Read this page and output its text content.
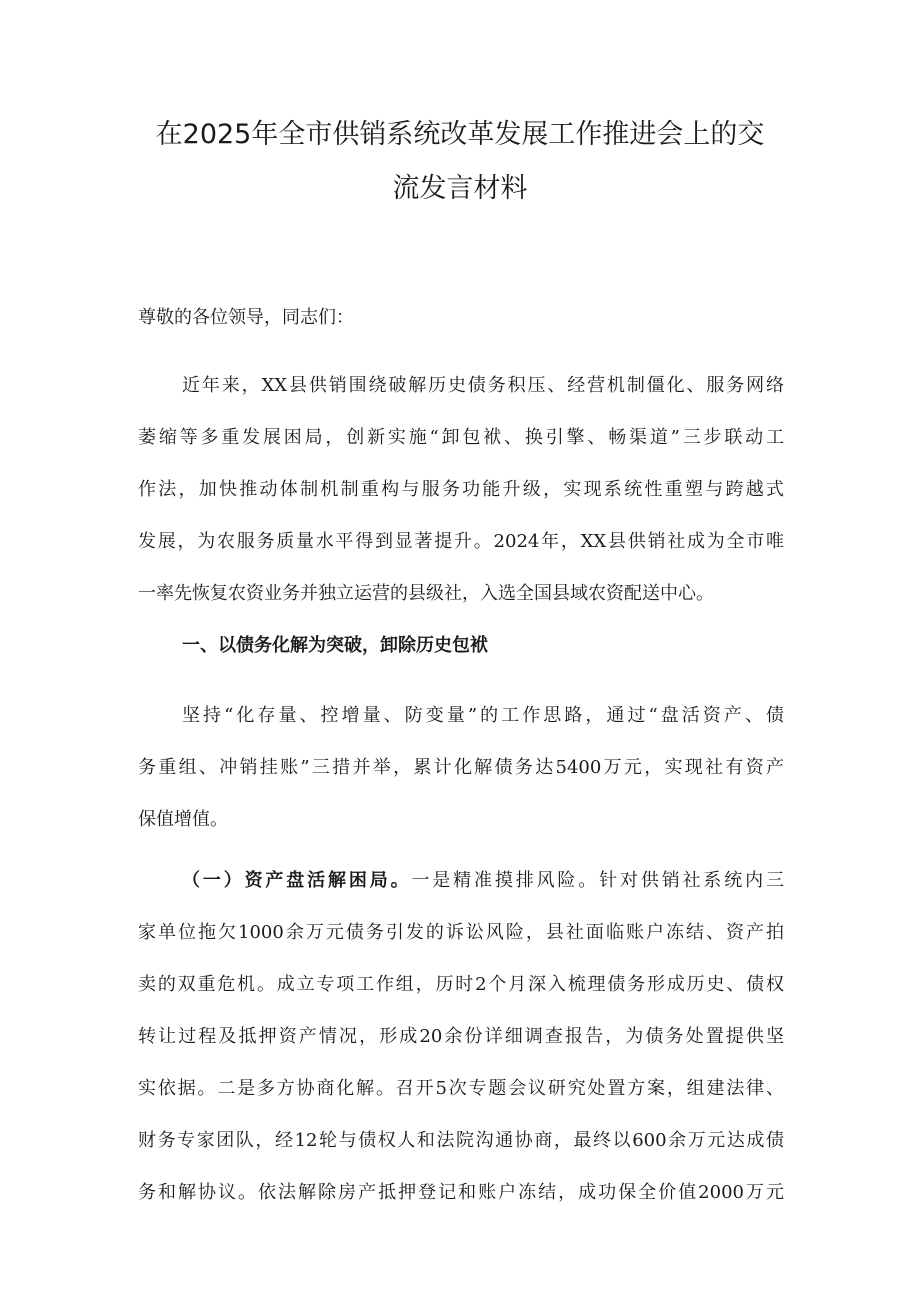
在2025年全市供销系统改革发展工作推进会上的交
流发言材料
尊敬的各位领导，同志们：
近年来，XX县供销围绕破解历史债务积压、经营机制僵化、服务网络
萎缩等多重发展困局，创新实施“卸包袱、换引擎、畅渠道”三步联动工
作法，加快推动体制机制重构与服务功能升级，实现系统性重塑与跨越式
发展，为农服务质量水平得到显著提升。2024年，XX县供销社成为全市唯
一率先恢复农资业务并独立运营的县级社，入选全国县域农资配送中心。
一、以债务化解为突破，卸除历史包袱
坚持“化存量、控增量、防变量”的工作思路，通过“盘活资产、债
务重组、冲销挂账”三措并举，累计化解债务达5400万元，实现社有资产
保值增值。
（一）资产盘活解困局。一是精准摸排风险。针对供销社系统内三
家单位拖欠1000余万元债务引发的诉讼风险，县社面临账户冻结、资产拍
卖的双重危机。成立专项工作组，历时2个月深入梳理债务形成历史、债权
转让过程及抵押资产情况，形成20余份详细调查报告，为债务处置提供坚
实依据。二是多方协商化解。召开5次专题会议研究处置方案，组建法律、
财务专家团队，经12轮与债权人和法院沟通协商，最终以600余万元达成债
务和解协议。依法解除房产抵押登记和账户冻结，成功保全价值2000万元
